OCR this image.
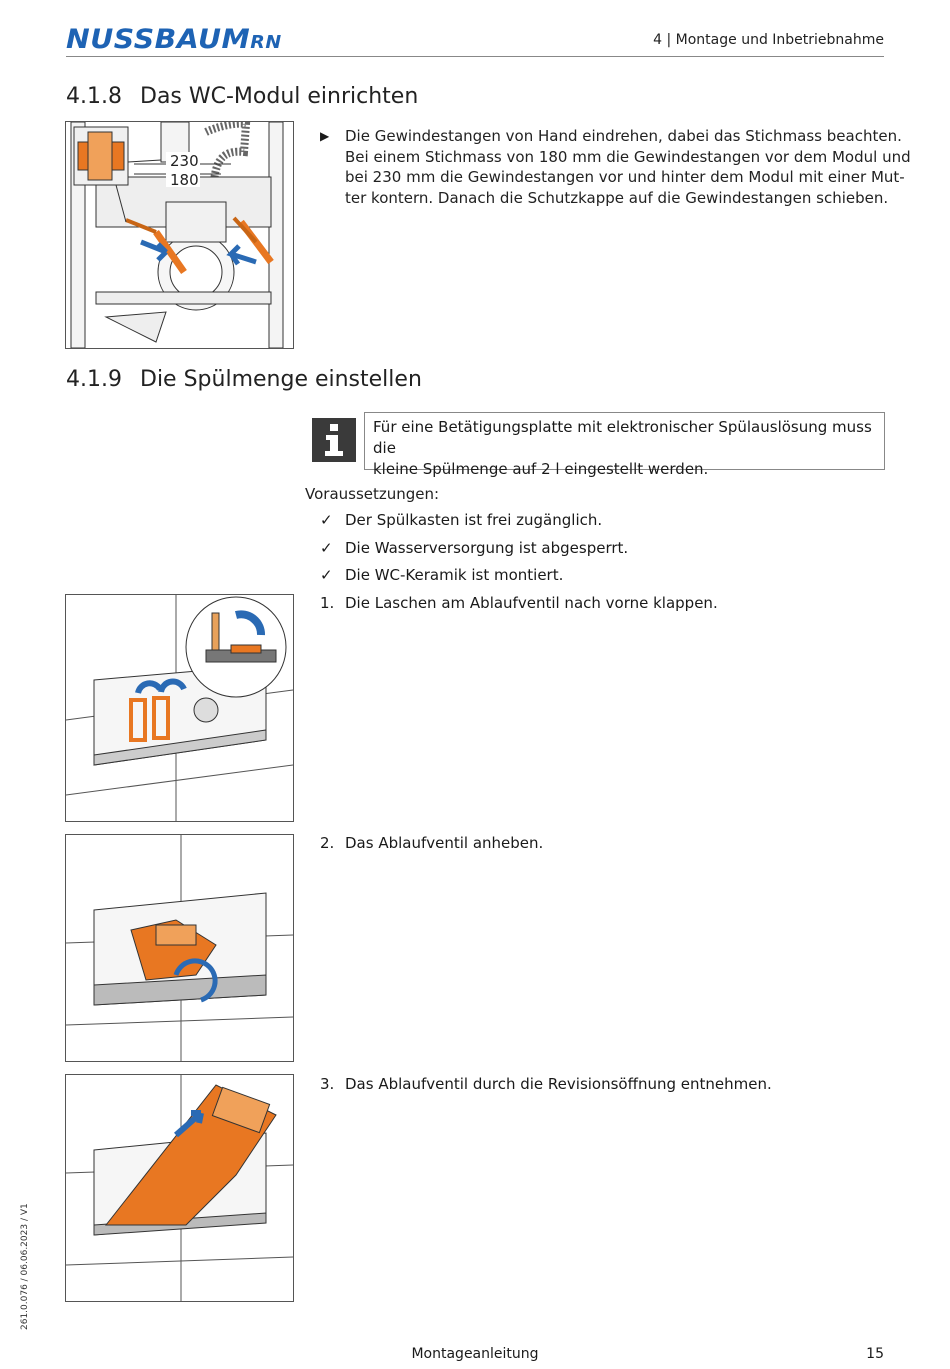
NUSSBAUMRN	4 | Montage und Inbetriebnahme
4.1.8 Das WC-Modul einrichten
230
180
▶ Die Gewindestangen von Hand eindrehen, dabei das Stichmass beachten.
Bei einem Stichmass von 180 mm die Gewindestangen vor dem Modul und
bei 230 mm die Gewindestangen vor und hinter dem Modul mit einer Mut-
ter kontern. Danach die Schutzkappe auf die Gewindestangen schieben.
4.1.9 Die Spülmenge einstellen
Für eine Betätigungsplatte mit elektronischer Spülauslösung muss die
kleine Spülmenge auf 2 l eingestellt werden.
Voraussetzungen:
✓ Der Spülkasten ist frei zugänglich.
✓ Die Wasserversorgung ist abgesperrt.
✓ Die WC-Keramik ist montiert.
1. Die Laschen am Ablaufventil nach vorne klappen.
2. Das Ablaufventil anheben.
3. Das Ablaufventil durch die Revisionsöffnung entnehmen.
261.0.076 / 06.06.2023 / V1
Montageanleitung	15
